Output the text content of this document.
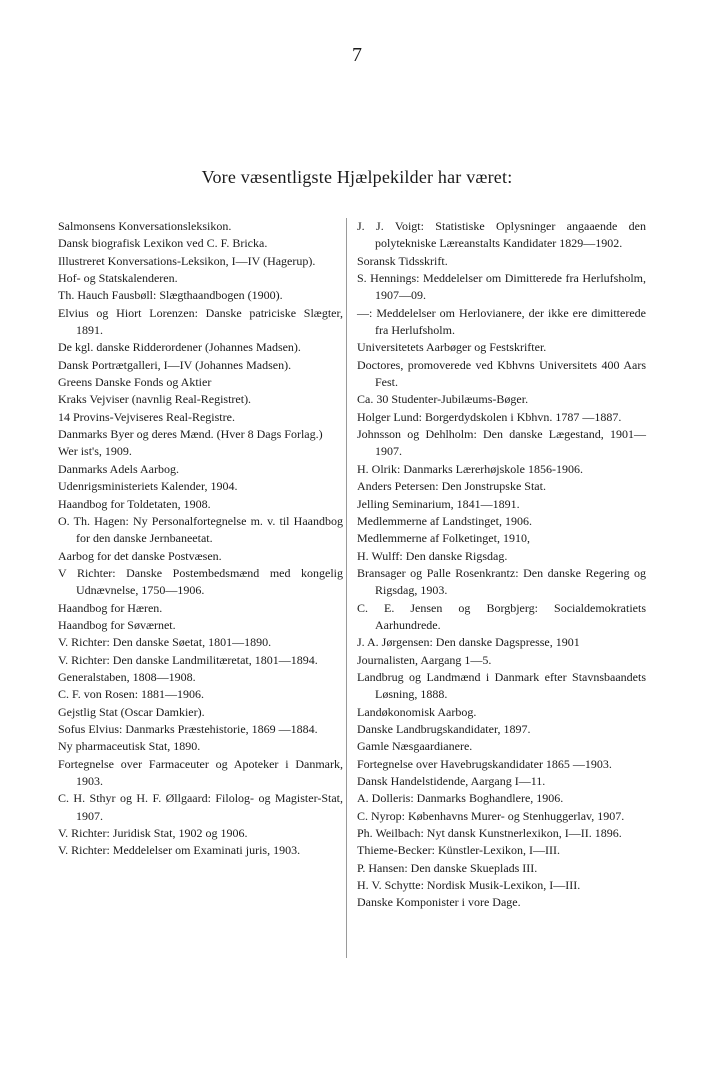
7
Vore væsentligste Hjælpekilder har været:

Salmonsens Konversationsleksikon.

Dansk biografisk Lexikon ved C. F. Bricka.

Illustreret Konversations-Leksikon, I—IV (Hagerup).

Hof- og Statskalenderen.

Th. Hauch Fausbøll: Slægthaandbogen (1900).

Elvius og Hiort Lorenzen: Danske patriciske Slægter, 1891.

De kgl. danske Ridderordener (Johannes Madsen).

Dansk Portrætgalleri, I—IV (Johannes Madsen).

Greens Danske Fonds og Aktier

Kraks Vejviser (navnlig Real-Registret).

14 Provins-Vejviseres Real-Registre.

Danmarks Byer og deres Mænd. (Hver 8 Dags Forlag.)

Wer ist's, 1909.

Danmarks Adels Aarbog.

Udenrigsministeriets Kalender, 1904.

Haandbog for Toldetaten, 1908.

O. Th. Hagen: Ny Personalfortegnelse m. v. til Haandbog for den danske Jernbaneetat.

Aarbog for det danske Postvæsen.

V Richter: Danske Postembedsmænd med kongelig Udnævnelse, 1750—1906.

Haandbog for Hæren.

Haandbog for Søværnet.

V. Richter: Den danske Søetat, 1801—1890.

V. Richter: Den danske Landmilitæretat, 1801—1894.

Generalstaben, 1808—1908.

C. F. von Rosen: 1881—1906.

Gejstlig Stat (Oscar Damkier).

Sofus Elvius: Danmarks Præstehistorie, 1869 —1884.

Ny pharmaceutisk Stat, 1890.

Fortegnelse over Farmaceuter og Apoteker i Danmark, 1903.

C. H. Sthyr og H. F. Øllgaard: Filolog- og Magister-Stat, 1907.

V. Richter: Juridisk Stat, 1902 og 1906.

V. Richter: Meddelelser om Examinati juris, 1903.

J. J. Voigt: Statistiske Oplysninger angaaende den polytekniske Læreanstalts Kandidater 1829—1902.

Soransk Tidsskrift.

S. Hennings: Meddelelser om Dimitterede fra Herlufsholm, 1907—09.

—: Meddelelser om Herlovianere, der ikke ere dimitterede fra Herlufsholm.

Universitetets Aarbøger og Festskrifter.

Doctores, promoverede ved Kbhvns Universitets 400 Aars Fest.

Ca. 30 Studenter-Jubilæums-Bøger.

Holger Lund: Borgerdydskolen i Kbhvn. 1787 —1887.

Johnsson og Dehlholm: Den danske Lægestand, 1901—1907.

H. Olrik: Danmarks Lærerhøjskole 1856-1906.

Anders Petersen: Den Jonstrupske Stat.

Jelling Seminarium, 1841—1891.

Medlemmerne af Landstinget, 1906.

Medlemmerne af Folketinget, 1910,

H. Wulff: Den danske Rigsdag.

Bransager og Palle Rosenkrantz: Den danske Regering og Rigsdag, 1903.

C. E. Jensen og Borgbjerg: Socialdemokratiets Aarhundrede.

J. A. Jørgensen: Den danske Dagspresse, 1901

Journalisten, Aargang 1—5.

Landbrug og Landmænd i Danmark efter Stavnsbaandets Løsning, 1888.

Landøkonomisk Aarbog.

Danske Landbrugskandidater, 1897.

Gamle Næsgaardianere.

Fortegnelse over Havebrugskandidater 1865 —1903.

Dansk Handelstidende, Aargang I—11.

A. Dolleris: Danmarks Boghandlere, 1906.

C. Nyrop: Københavns Murer- og Stenhuggerlav, 1907.

Ph. Weilbach: Nyt dansk Kunstnerlexikon, I—II. 1896.

Thieme-Becker: Künstler-Lexikon, I—III.

P. Hansen: Den danske Skueplads III.

H. V. Schytte: Nordisk Musik-Lexikon, I—III.

Danske Komponister i vore Dage.
